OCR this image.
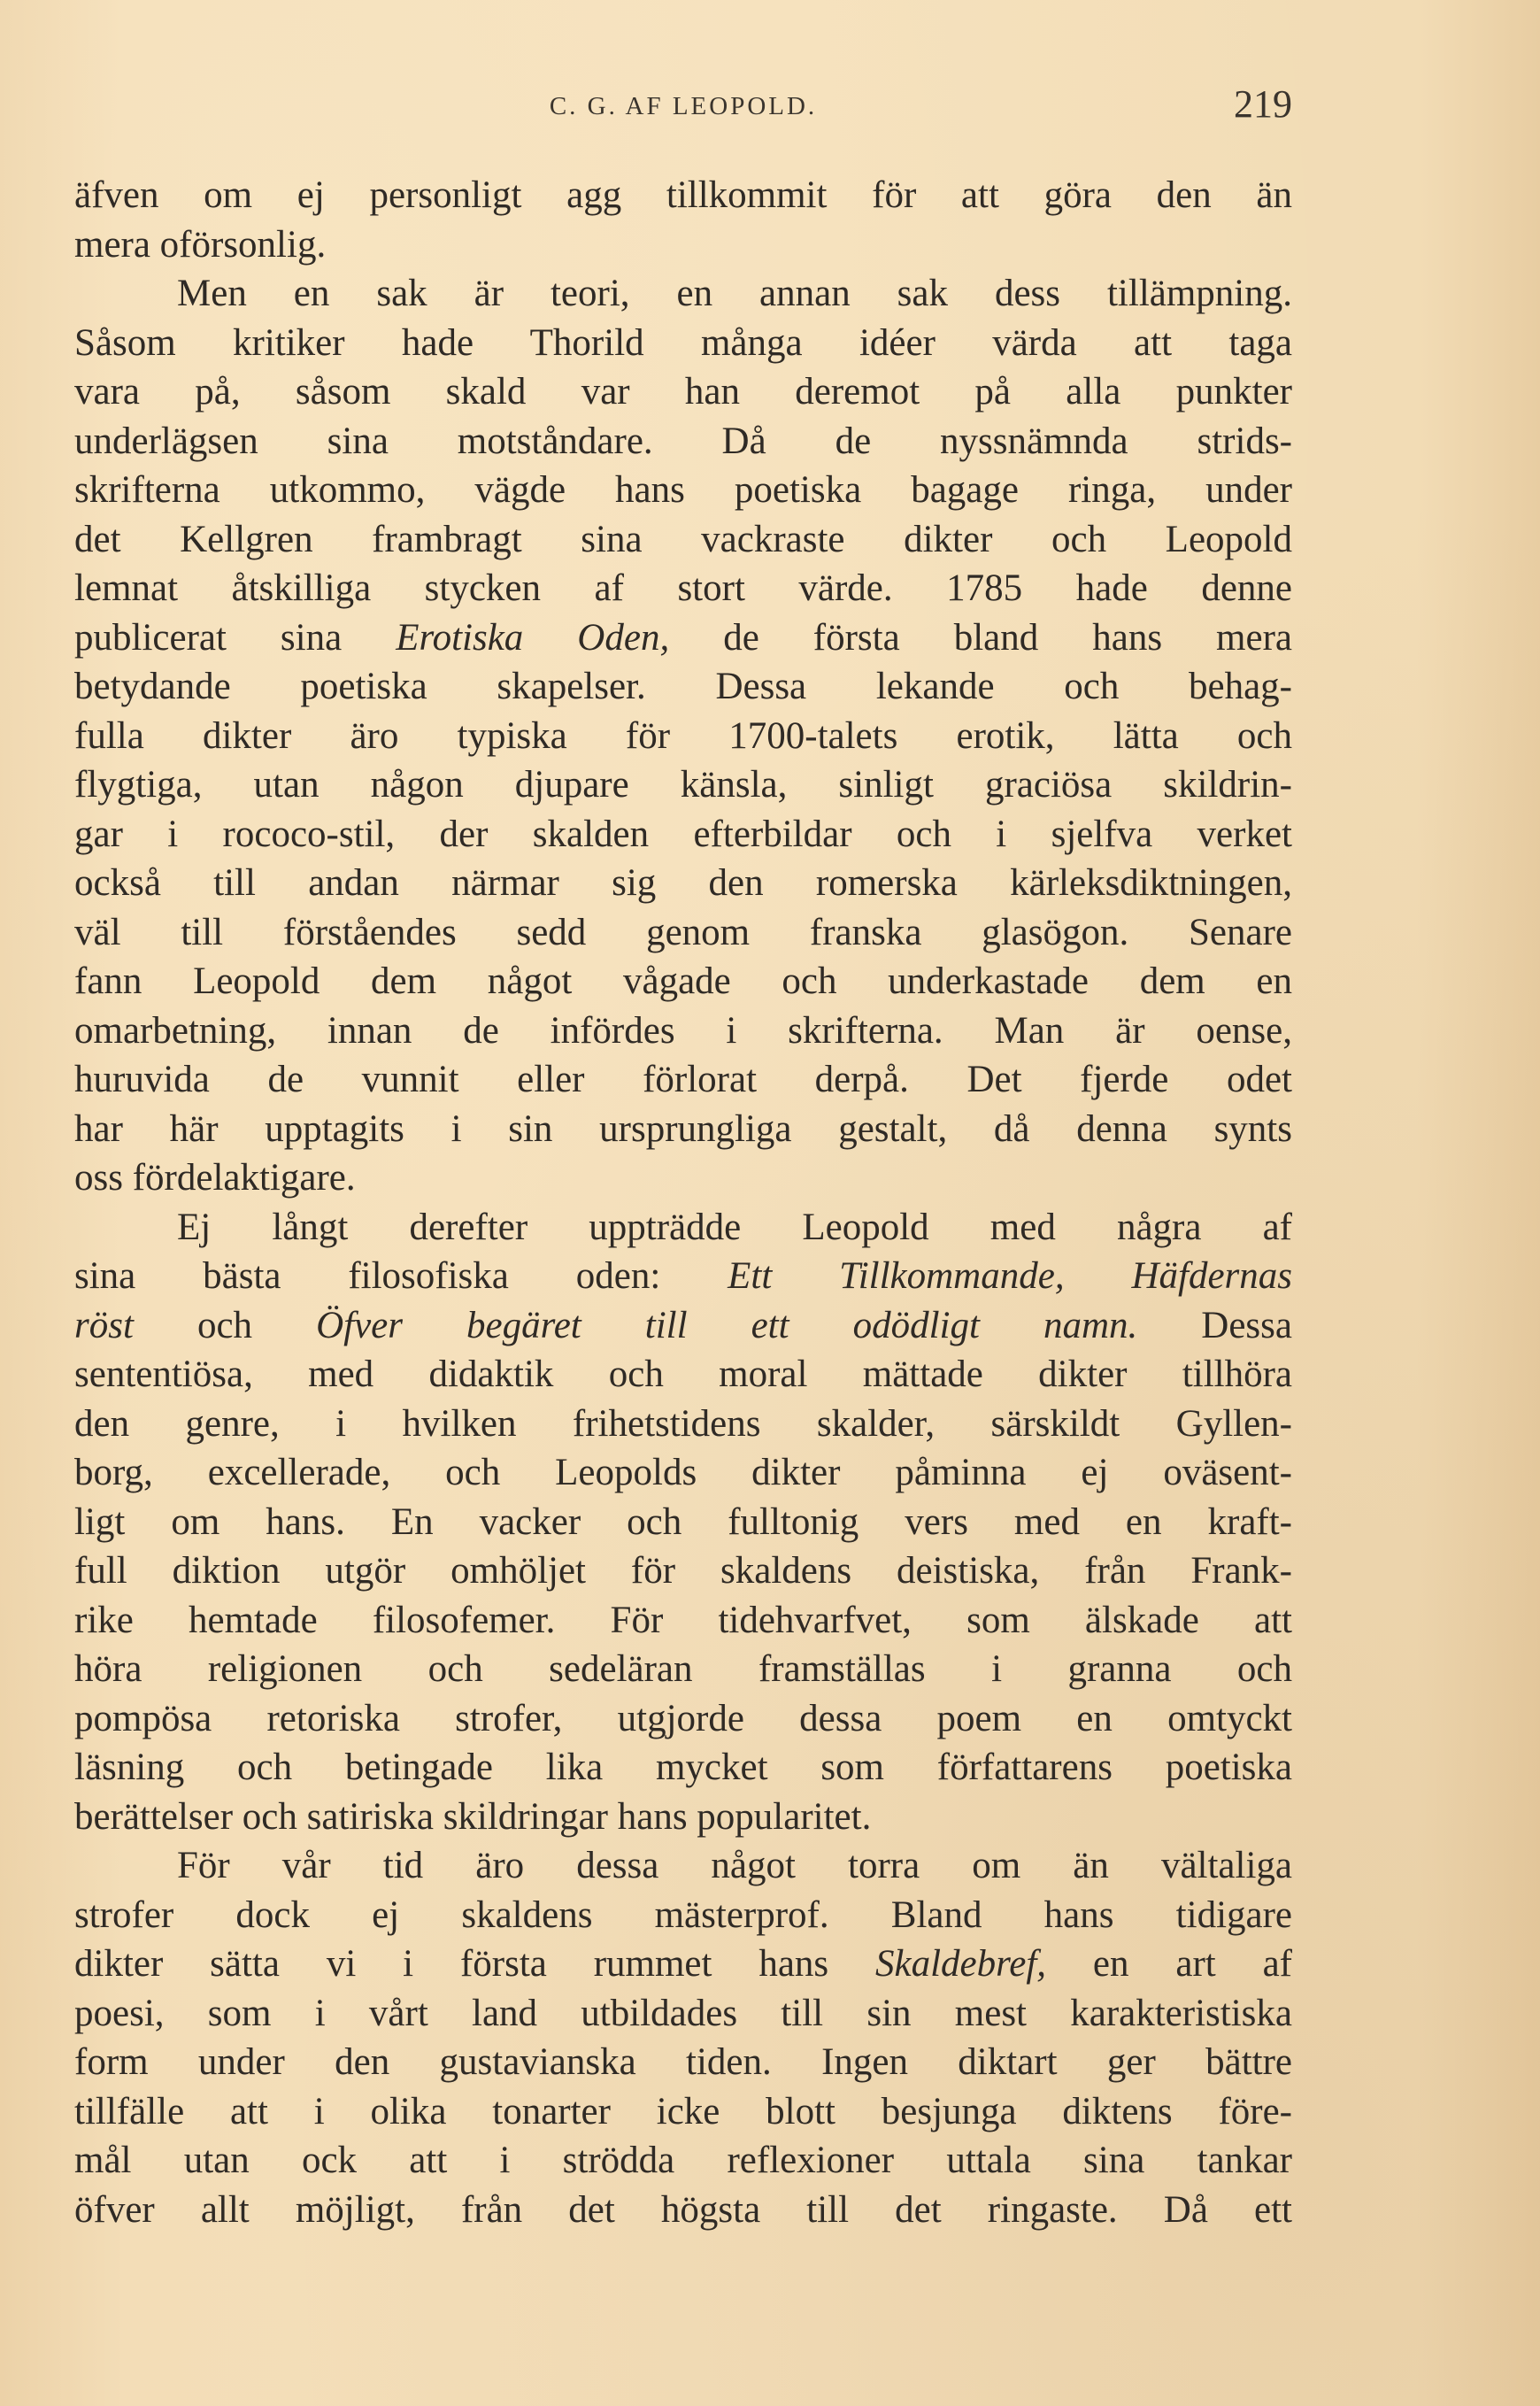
C. G. AF LEOPOLD.	219
äfven om ej personligt agg tillkommit för att göra den än
mera oförsonlig.
Men en sak är teori, en annan sak dess tillämpning.
Såsom kritiker hade Thorild många idéer värda att taga
vara på, såsom skald var han deremot på alla punkter
underlägsen sina motståndare. Då de nyssnämnda strids-
skrifterna utkommo, vägde hans poetiska bagage ringa, under
det Kellgren frambragt sina vackraste dikter och Leopold
lemnat åtskilliga stycken af stort värde. 1785 hade denne
publicerat sina Erotiska Oden, de första bland hans mera
betydande poetiska skapelser. Dessa lekande och behag-
fulla dikter äro typiska för 1700-talets erotik, lätta och
flygtiga, utan någon djupare känsla, sinligt graciösa skildrin-
gar i rococo-stil, der skalden efterbildar och i sjelfva verket
också till andan närmar sig den romerska kärleksdiktningen,
väl till förståendes sedd genom franska glasögon. Senare
fann Leopold dem något vågade och underkastade dem en
omarbetning, innan de infördes i skrifterna. Man är oense,
huruvida de vunnit eller förlorat derpå. Det fjerde odet
har här upptagits i sin ursprungliga gestalt, då denna synts
oss fördelaktigare.
Ej långt derefter uppträdde Leopold med några af
sina bästa filosofiska oden: Ett Tillkommande, Häfdernas
röst och Öfver begäret till ett odödligt namn. Dessa
sententiösa, med didaktik och moral mättade dikter tillhöra
den genre, i hvilken frihetstidens skalder, särskildt Gyllen-
borg, excellerade, och Leopolds dikter påminna ej oväsent-
ligt om hans. En vacker och fulltonig vers med en kraft-
full diktion utgör omhöljet för skaldens deistiska, från Frank-
rike hemtade filosofemer. För tidehvarfvet, som älskade att
höra religionen och sedeläran framställas i granna och
pompösa retoriska strofer, utgjorde dessa poem en omtyckt
läsning och betingade lika mycket som författarens poetiska
berättelser och satiriska skildringar hans popularitet.
För vår tid äro dessa något torra om än vältaliga
strofer dock ej skaldens mästerprof. Bland hans tidigare
dikter sätta vi i första rummet hans Skaldebref, en art af
poesi, som i vårt land utbildades till sin mest karakteristiska
form under den gustavianska tiden. Ingen diktart ger bättre
tillfälle att i olika tonarter icke blott besjunga diktens före-
mål utan ock att i strödda reflexioner uttala sina tankar
öfver allt möjligt, från det högsta till det ringaste. Då ett
